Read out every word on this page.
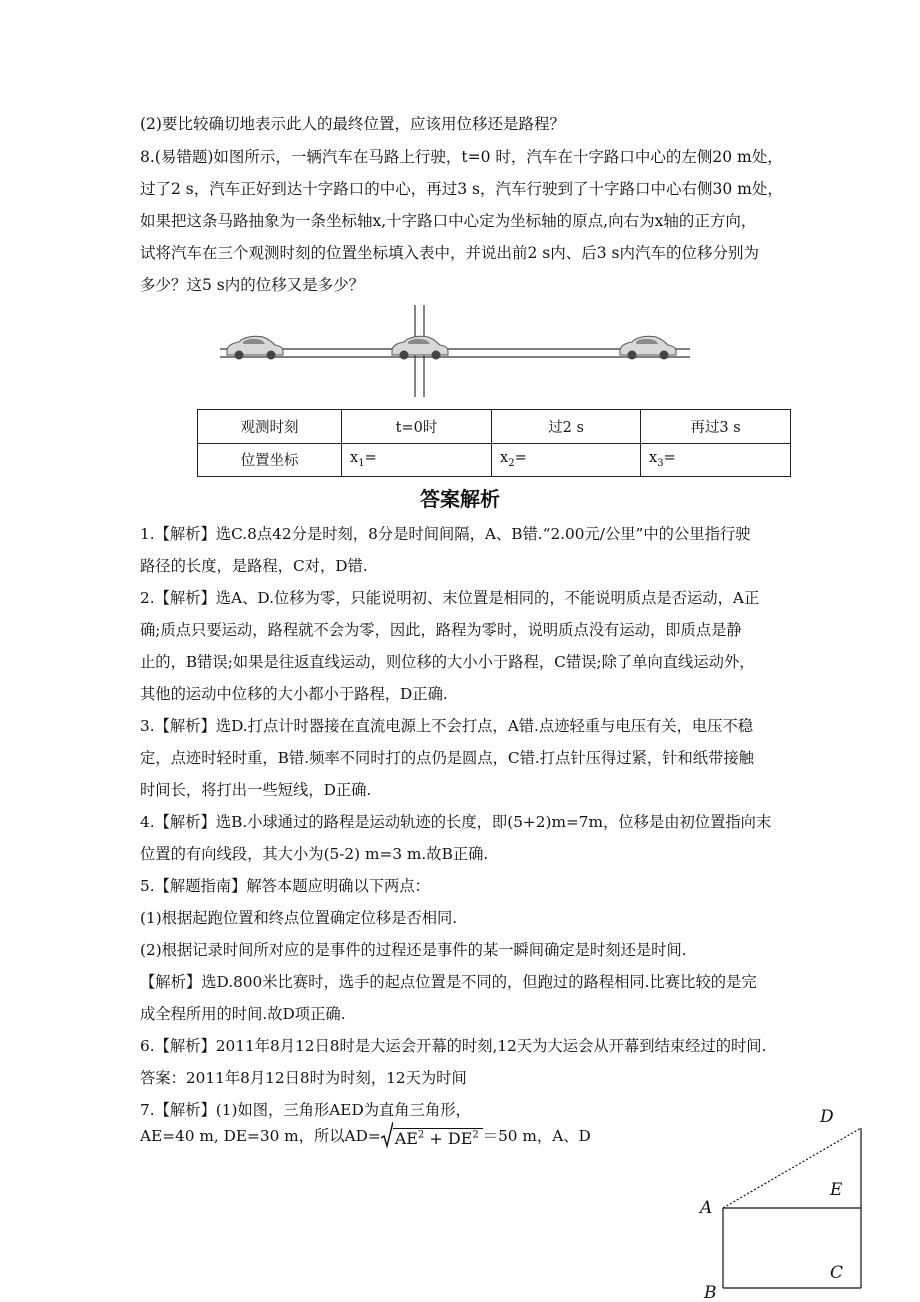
(2)要比较确切地表示此人的最终位置，应该用位移还是路程？
8.(易错题)如图所示，一辆汽车在马路上行驶，t=0 时，汽车在十字路口中心的左侧20 m处，
过了2 s，汽车正好到达十字路口的中心，再过3 s，汽车行驶到了十字路口中心右侧30 m处，
如果把这条马路抽象为一条坐标轴x,十字路口中心定为坐标轴的原点,向右为x轴的正方向，
试将汽车在三个观测时刻的位置坐标填入表中，并说出前2 s内、后3 s内汽车的位移分别为
多少？这5 s内的位移又是多少？
观测时刻	t=0时	过2 s	再过3 s
位置坐标	$x_1=$	$x_2=$	$x_3=$
答案解析
1.【解析】选C.8点42分是时刻，8分是时间间隔，A、B错.“2.00元/公里”中的公里指行驶
路径的长度，是路程，C对，D错.
2.【解析】选A、D.位移为零，只能说明初、末位置是相同的，不能说明质点是否运动，A正
确;质点只要运动，路程就不会为零，因此，路程为零时，说明质点没有运动，即质点是静
止的，B错误;如果是往返直线运动，则位移的大小小于路程，C错误;除了单向直线运动外，
其他的运动中位移的大小都小于路程，D正确.
3.【解析】选D.打点计时器接在直流电源上不会打点，A错.点迹轻重与电压有关，电压不稳
定，点迹时轻时重，B错.频率不同时打的点仍是圆点，C错.打点针压得过紧，针和纸带接触
时间长，将打出一些短线，D正确.
4.【解析】选B.小球通过的路程是运动轨迹的长度，即(5+2)m=7m，位移是由初位置指向末
位置的有向线段，其大小为(5-2) m=3 m.故B正确.
5.【解题指南】解答本题应明确以下两点：
(1)根据起跑位置和终点位置确定位移是否相同.
(2)根据记录时间所对应的是事件的过程还是事件的某一瞬间确定是时刻还是时间.
【解析】选D.800米比赛时，选手的起点位置是不同的，但跑过的路程相同.比赛比较的是完
成全程所用的时间.故D项正确.
6.【解析】2011年8月12日8时是大运会开幕的时刻,12天为大运会从开幕到结束经过的时间.
答案：2011年8月12日8时为时刻，12天为时间
7.【解析】(1)如图，三角形AED为直角三角形，
AE=40 m, DE=30 m，所以$AD= AE^2 + DE^2 =50$ m，A、D
D
E
A
C
B
